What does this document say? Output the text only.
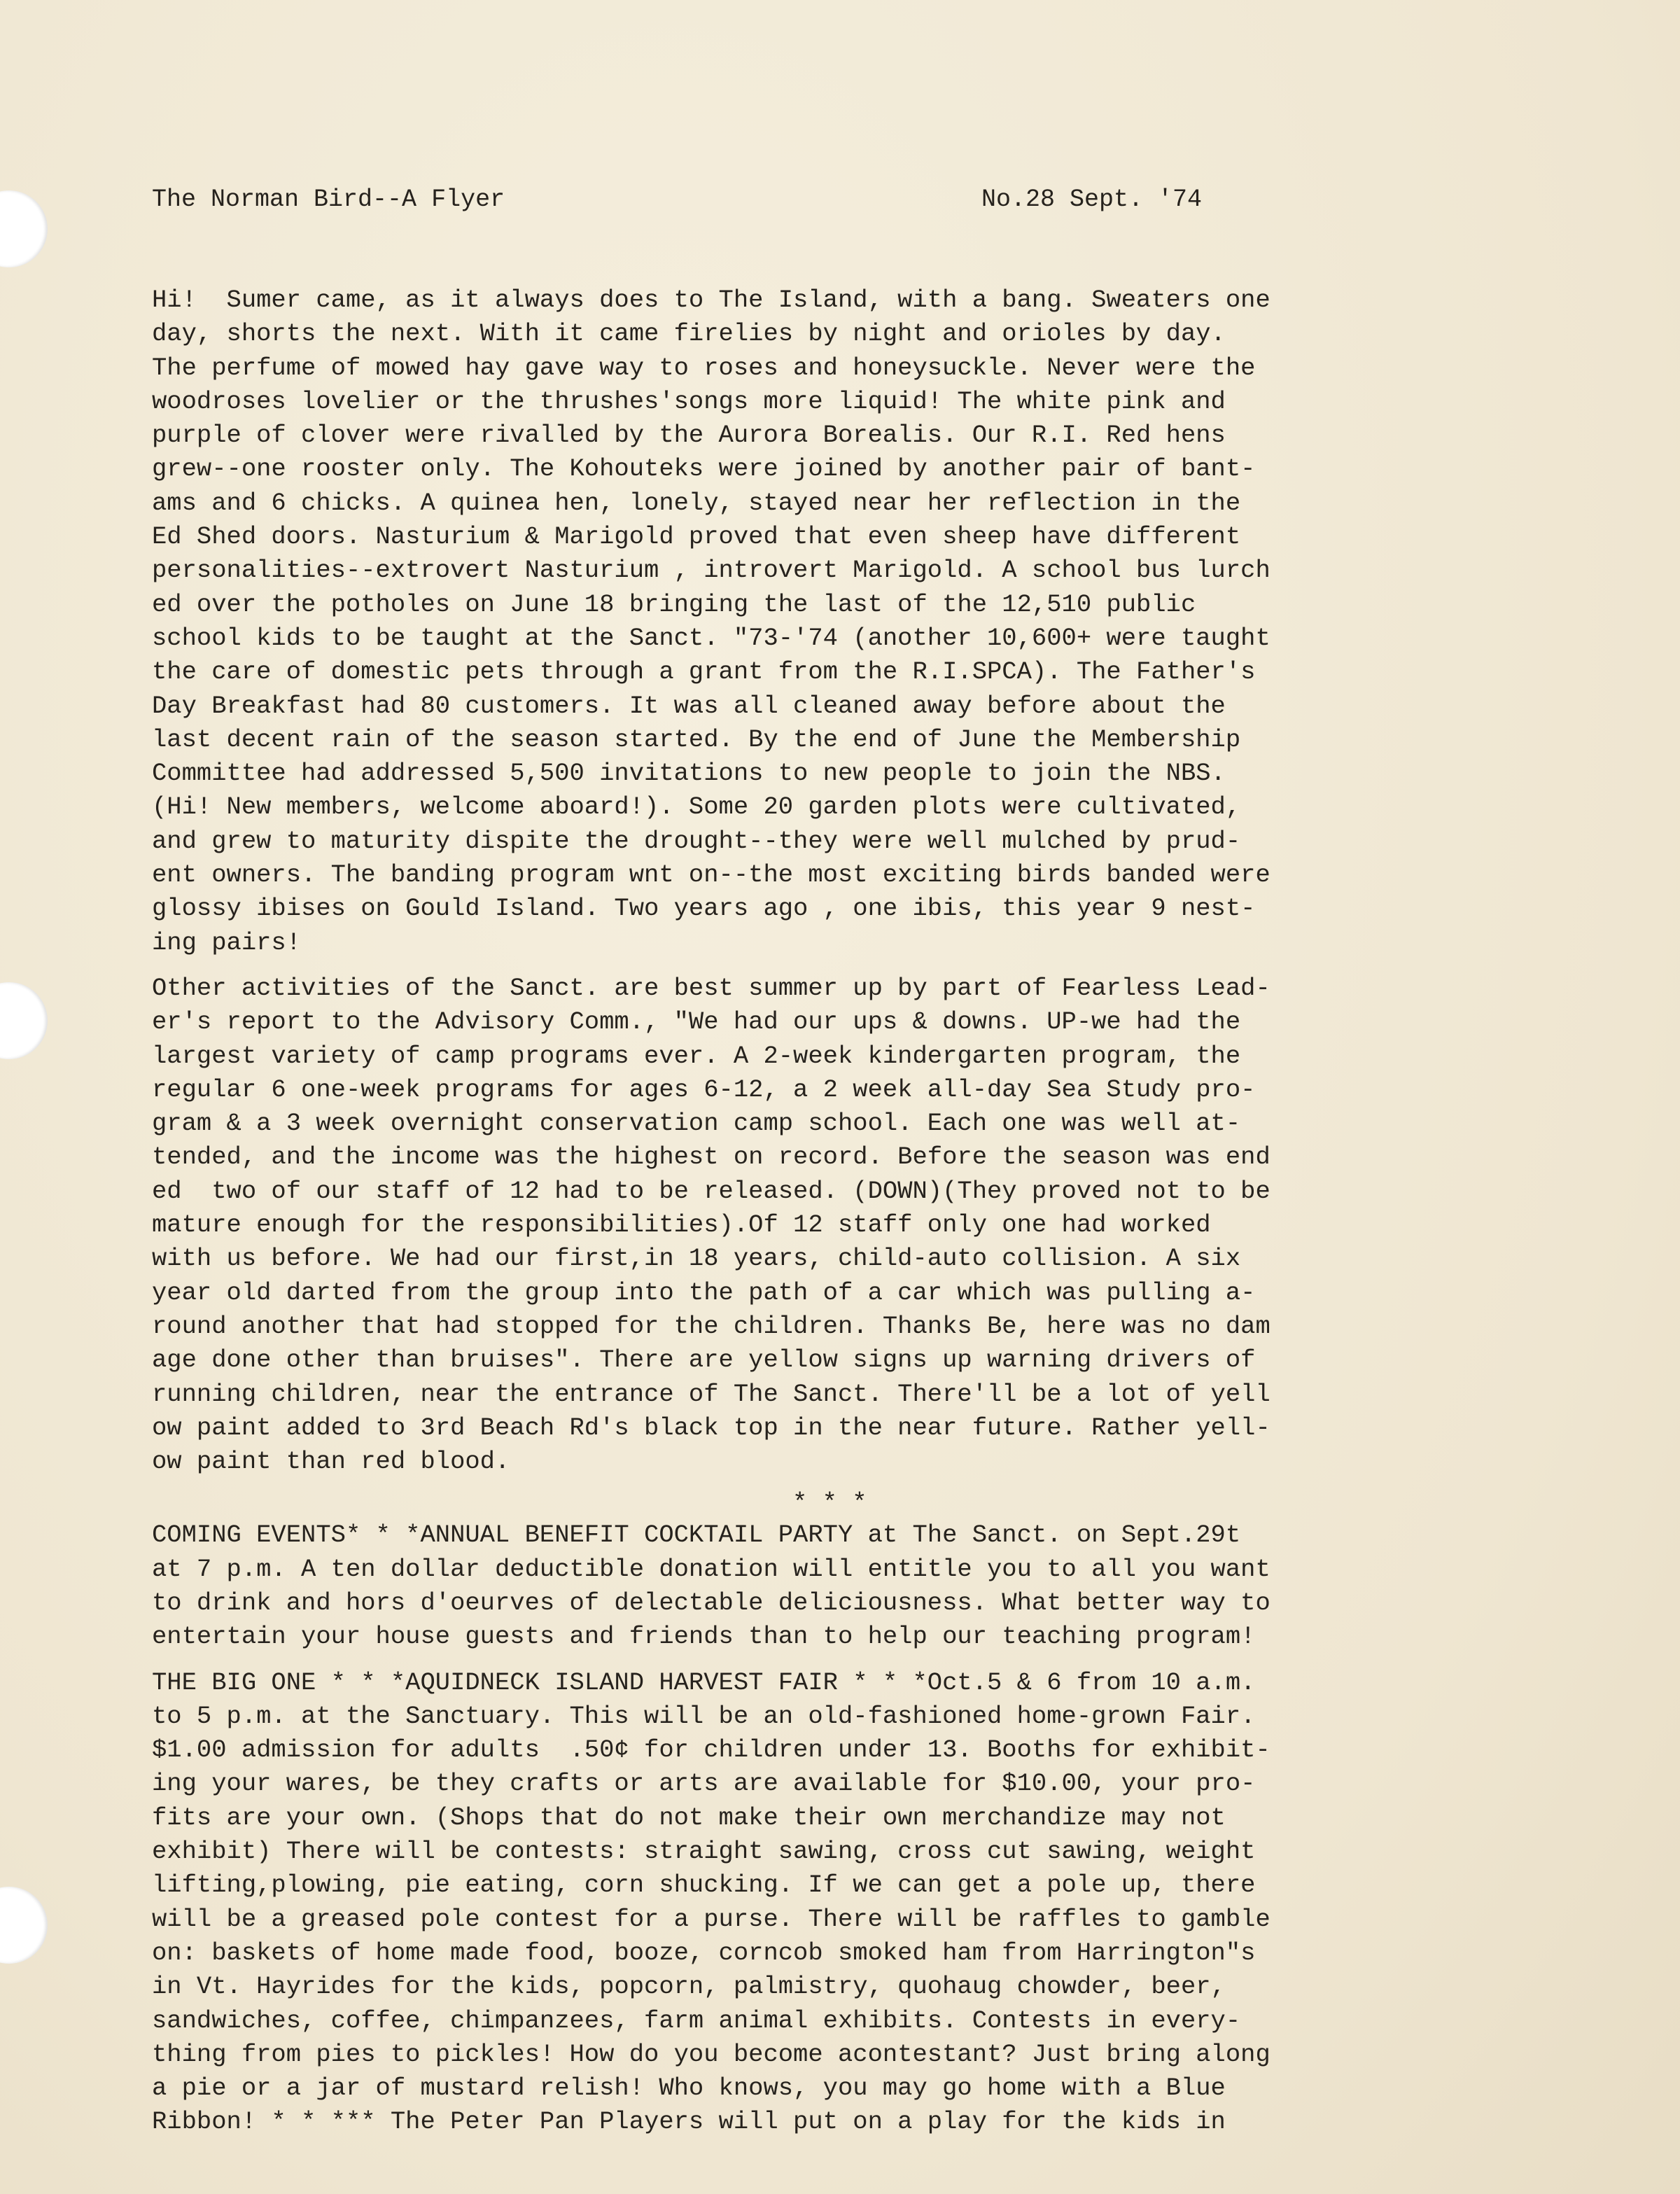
The Norman Bird--A Flyer	No.28 Sept. '74
Hi!  Sumer came, as it always does to The Island, with a bang. Sweaters one
day, shorts the next. With it came firelies by night and orioles by day.
The perfume of mowed hay gave way to roses and honeysuckle. Never were the
woodroses lovelier or the thrushes'songs more liquid! The white pink and
purple of clover were rivalled by the Aurora Borealis. Our R.I. Red hens
grew--one rooster only. The Kohouteks were joined by another pair of bant-
ams and 6 chicks. A quinea hen, lonely, stayed near her reflection in the
Ed Shed doors. Nasturium & Marigold proved that even sheep have different
personalities--extrovert Nasturium , introvert Marigold. A school bus lurch
ed over the potholes on June 18 bringing the last of the 12,510 public
school kids to be taught at the Sanct. "73-'74 (another 10,600+ were taught
the care of domestic pets through a grant from the R.I.SPCA). The Father's
Day Breakfast had 80 customers. It was all cleaned away before about the
last decent rain of the season started. By the end of June the Membership
Committee had addressed 5,500 invitations to new people to join the NBS.
(Hi! New members, welcome aboard!). Some 20 garden plots were cultivated,
and grew to maturity dispite the drought--they were well mulched by prud-
ent owners. The banding program wnt on--the most exciting birds banded were
glossy ibises on Gould Island. Two years ago , one ibis, this year 9 nest-
ing pairs!
Other activities of the Sanct. are best summer up by part of Fearless Lead-
er's report to the Advisory Comm., "We had our ups & downs. UP-we had the
largest variety of camp programs ever. A 2-week kindergarten program, the
regular 6 one-week programs for ages 6-12, a 2 week all-day Sea Study pro-
gram & a 3 week overnight conservation camp school. Each one was well at-
tended, and the income was the highest on record. Before the season was end
ed  two of our staff of 12 had to be released. (DOWN)(They proved not to be
mature enough for the responsibilities).Of 12 staff only one had worked
with us before. We had our first,in 18 years, child-auto collision. A six
year old darted from the group into the path of a car which was pulling a-
round another that had stopped for the children. Thanks Be, here was no dam
age done other than bruises". There are yellow signs up warning drivers of
running children, near the entrance of The Sanct. There'll be a lot of yell
ow paint added to 3rd Beach Rd's black top in the near future. Rather yell-
ow paint than red blood.
* * *
COMING EVENTS* * *ANNUAL BENEFIT COCKTAIL PARTY at The Sanct. on Sept.29t
at 7 p.m. A ten dollar deductible donation will entitle you to all you want
to drink and hors d'oeurves of delectable deliciousness. What better way to
entertain your house guests and friends than to help our teaching program!
THE BIG ONE * * *AQUIDNECK ISLAND HARVEST FAIR * * *Oct.5 & 6 from 10 a.m.
to 5 p.m. at the Sanctuary. This will be an old-fashioned home-grown Fair.
$1.00 admission for adults  .50¢ for children under 13. Booths for exhibit-
ing your wares, be they crafts or arts are available for $10.00, your pro-
fits are your own. (Shops that do not make their own merchandize may not
exhibit) There will be contests: straight sawing, cross cut sawing, weight
lifting,plowing, pie eating, corn shucking. If we can get a pole up, there
will be a greased pole contest for a purse. There will be raffles to gamble
on: baskets of home made food, booze, corncob smoked ham from Harrington"s
in Vt. Hayrides for the kids, popcorn, palmistry, quohaug chowder, beer,
sandwiches, coffee, chimpanzees, farm animal exhibits. Contests in every-
thing from pies to pickles! How do you become acontestant? Just bring along
a pie or a jar of mustard relish! Who knows, you may go home with a Blue
Ribbon! * * *** The Peter Pan Players will put on a play for the kids in
